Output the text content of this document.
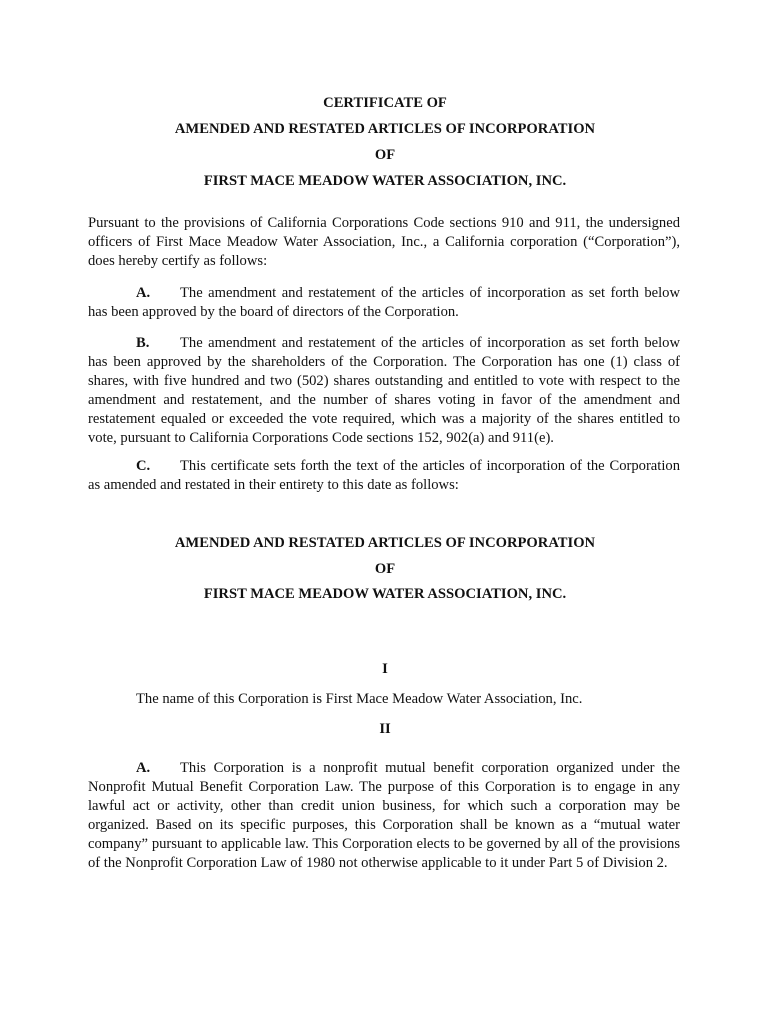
CERTIFICATE OF
AMENDED AND RESTATED ARTICLES OF INCORPORATION
OF
FIRST MACE MEADOW WATER ASSOCIATION, INC.

Pursuant to the provisions of California Corporations Code sections 910 and 911, the undersigned officers of First Mace Meadow Water Association, Inc., a California corporation (“Corporation”), does hereby certify as follows:

A. The amendment and restatement of the articles of incorporation as set forth below has been approved by the board of directors of the Corporation.

B. The amendment and restatement of the articles of incorporation as set forth below has been approved by the shareholders of the Corporation. The Corporation has one (1) class of shares, with five hundred and two (502) shares outstanding and entitled to vote with respect to the amendment and restatement, and the number of shares voting in favor of the amendment and restatement equaled or exceeded the vote required, which was a majority of the shares entitled to vote, pursuant to California Corporations Code sections 152, 902(a) and 911(e).

C. This certificate sets forth the text of the articles of incorporation of the Corporation as amended and restated in their entirety to this date as follows:

AMENDED AND RESTATED ARTICLES OF INCORPORATION
OF
FIRST MACE MEADOW WATER ASSOCIATION, INC.
I
The name of this Corporation is First Mace Meadow Water Association, Inc.
II

A. This Corporation is a nonprofit mutual benefit corporation organized under the Nonprofit Mutual Benefit Corporation Law. The purpose of this Corporation is to engage in any lawful act or activity, other than credit union business, for which such a corporation may be organized. Based on its specific purposes, this Corporation shall be known as a “mutual water company” pursuant to applicable law. This Corporation elects to be governed by all of the provisions of the Nonprofit Corporation Law of 1980 not otherwise applicable to it under Part 5 of Division 2.
